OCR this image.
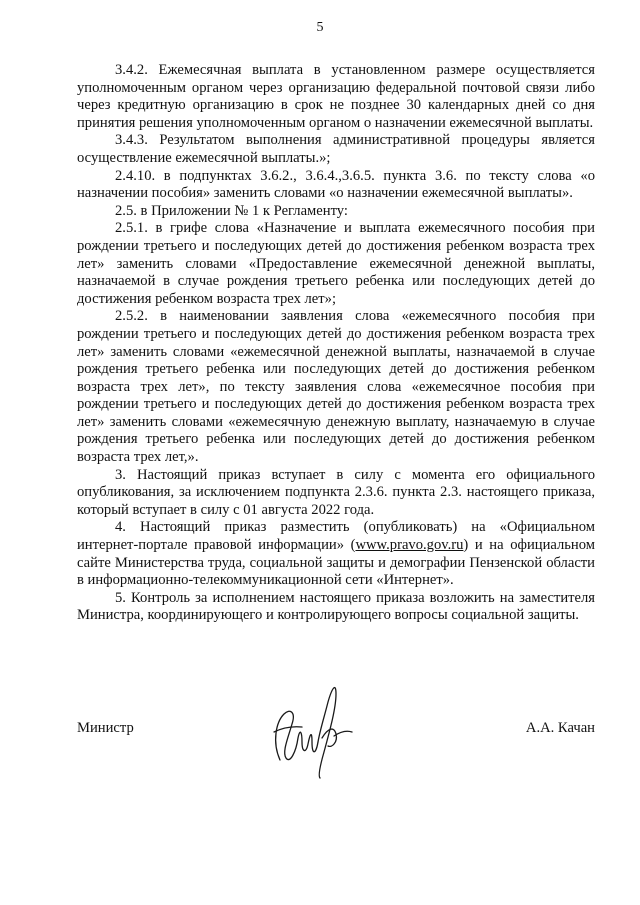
5

3.4.2. Ежемесячная выплата в установленном размере осуществляется уполномоченным органом через организацию федеральной почтовой связи либо через кредитную организацию в срок не позднее 30 календарных дней со дня принятия решения уполномоченным органом о назначении ежемесячной выплаты.

3.4.3. Результатом выполнения административной процедуры является осуществление ежемесячной выплаты.»;

2.4.10. в подпунктах 3.6.2., 3.6.4.,3.6.5. пункта 3.6. по тексту слова «о назначении пособия» заменить словами «о назначении ежемесячной выплаты».

2.5. в Приложении № 1 к Регламенту:

2.5.1. в грифе слова «Назначение и выплата ежемесячного пособия при рождении третьего и последующих детей до достижения ребенком возраста трех лет» заменить словами «Предоставление ежемесячной денежной выплаты, назначаемой в случае рождения третьего ребенка или последующих детей до достижения ребенком возраста трех лет»;

2.5.2. в наименовании заявления слова «ежемесячного пособия при рождении третьего и последующих детей до достижения ребенком возраста трех лет» заменить словами «ежемесячной денежной выплаты, назначаемой в случае рождения третьего ребенка или последующих детей до достижения ребенком возраста трех лет», по тексту заявления слова «ежемесячное пособия при рождении третьего и последующих детей до достижения ребенком возраста трех лет» заменить словами «ежемесячную денежную выплату, назначаемую в случае рождения третьего ребенка или последующих детей до достижения ребенком возраста трех лет,».

3. Настоящий приказ вступает в силу с момента его официального опубликования, за исключением подпункта 2.3.6. пункта 2.3. настоящего приказа, который вступает в силу с 01 августа 2022 года.

4. Настоящий приказ разместить (опубликовать) на «Официальном интернет-портале правовой информации» (www.pravo.gov.ru) и на официальном сайте Министерства труда, социальной защиты и демографии Пензенской области в информационно-телекоммуникационной сети «Интернет».

5. Контроль за исполнением настоящего приказа возложить на заместителя Министра, координирующего и контролирующего вопросы социальной защиты.

Министр	А.А. Качан
